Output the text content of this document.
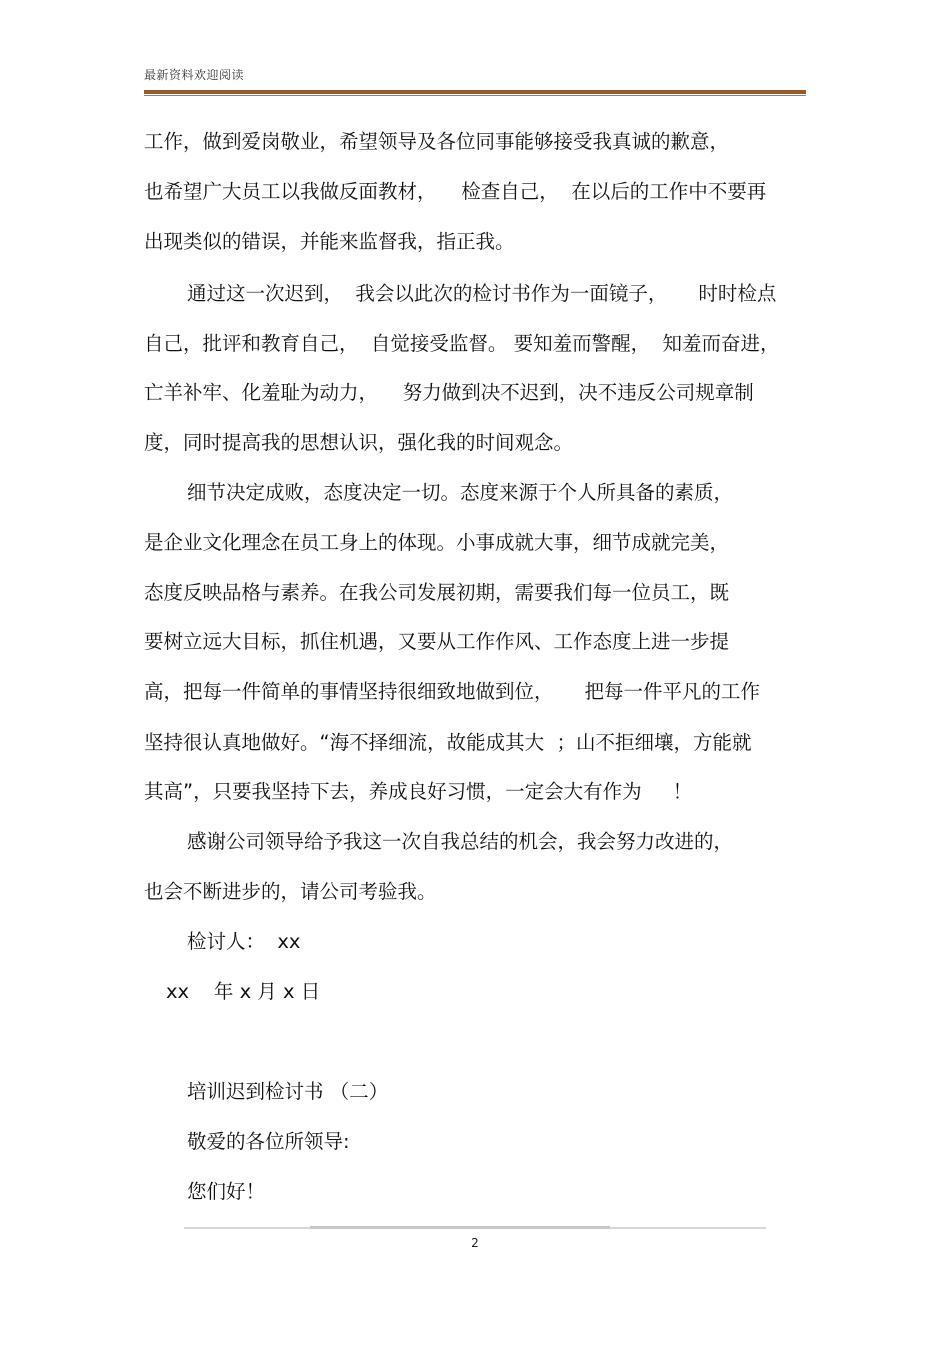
最新资料欢迎阅读
工作，做到爱岗敬业，希望领导及各位同事能够接受我真诚的歉意，
也希望广大员工以我做反面教材，    检查自己，  在以后的工作中不要再
出现类似的错误，并能来监督我，指正我。
通过这一次迟到，  我会以此次的检讨书作为一面镜子，     时时检点
自己，批评和教育自己，  自觉接受监督。 要知羞而警醒，  知羞而奋进，
亡羊补牢、化羞耻为动力，    努力做到决不迟到，决不违反公司规章制
度，同时提高我的思想认识，强化我的时间观念。
细节决定成败，态度决定一切。态度来源于个人所具备的素质，
是企业文化理念在员工身上的体现。小事成就大事，细节成就完美，
态度反映品格与素养。在我公司发展初期，需要我们每一位员工，既
要树立远大目标，抓住机遇，又要从工作作风、工作态度上进一步提
高，把每一件简单的事情坚持很细致地做到位，     把每一件平凡的工作
坚持很认真地做好。“海不择细流，故能成其大  ；山不拒细壤，方能就
其高”，只要我坚持下去，养成良好习惯，一定会大有作为     ！
感谢公司领导给予我这一次自我总结的机会，我会努力改进的，
也会不断进步的，请公司考验我。
检讨人：  xx
xx    年 x 月 x 日
培训迟到检讨书 （二）
敬爱的各位所领导:
您们好！
2
